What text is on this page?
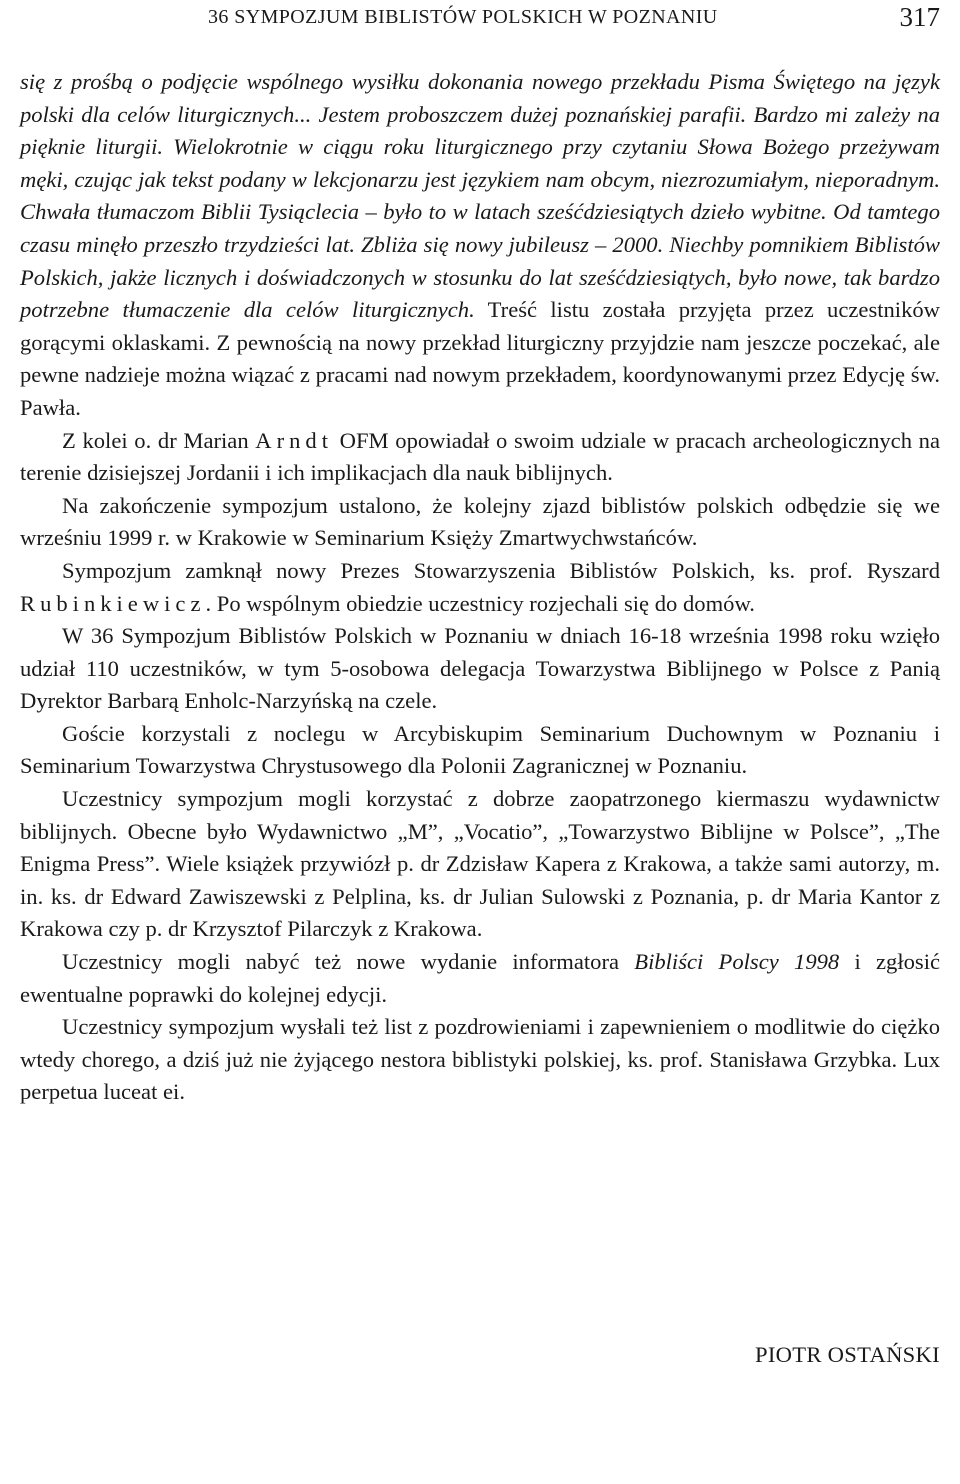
36 SYMPOZJUM BIBLISTÓW POLSKICH W POZNANIU	317

się z prośbą o podjęcie wspólnego wysiłku dokonania nowego przekładu Pisma Świętego na język polski dla celów liturgicznych... Jestem proboszczem dużej poznańskiej parafii. Bardzo mi zależy na pięknie liturgii. Wielokrotnie w ciągu roku liturgicznego przy czytaniu Słowa Bożego przeżywam męki, czując jak tekst podany w lekcjonarzu jest językiem nam obcym, niezrozumiałym, nieporadnym. Chwała tłumaczom Biblii Tysiąclecia – było to w latach sześćdziesiątych dzieło wybitne. Od tamtego czasu minęło przeszło trzydzieści lat. Zbliża się nowy jubileusz – 2000. Niechby pomnikiem Biblistów Polskich, jakże licznych i doświadczonych w stosunku do lat sześćdziesiątych, było nowe, tak bardzo potrzebne tłumaczenie dla celów liturgicznych. Treść listu została przyjęta przez uczestników gorącymi oklaskami. Z pewnością na nowy przekład liturgiczny przyjdzie nam jeszcze poczekać, ale pewne nadzieje można wiązać z pracami nad nowym przekładem, koordynowanymi przez Edycję św. Pawła.

Z kolei o. dr Marian Arndt OFM opowiadał o swoim udziale w pracach archeologicznych na terenie dzisiejszej Jordanii i ich implikacjach dla nauk biblijnych.

Na zakończenie sympozjum ustalono, że kolejny zjazd biblistów polskich odbędzie się we wrześniu 1999 r. w Krakowie w Seminarium Księży Zmartwychwstańców.

Sympozjum zamknął nowy Prezes Stowarzyszenia Biblistów Polskich, ks. prof. Ryszard Rubinkiewicz. Po wspólnym obiedzie uczestnicy rozjechali się do domów.

W 36 Sympozjum Biblistów Polskich w Poznaniu w dniach 16-18 września 1998 roku wzięło udział 110 uczestników, w tym 5-osobowa delegacja Towarzystwa Biblijnego w Polsce z Panią Dyrektor Barbarą Enholc-Narzyńską na czele.

Goście korzystali z noclegu w Arcybiskupim Seminarium Duchownym w Poznaniu i Seminarium Towarzystwa Chrystusowego dla Polonii Zagranicznej w Poznaniu.

Uczestnicy sympozjum mogli korzystać z dobrze zaopatrzonego kiermaszu wydawnictw biblijnych. Obecne było Wydawnictwo „M”, „Vocatio”, „Towarzystwo Biblijne w Polsce”, „The Enigma Press”. Wiele książek przywiózł p. dr Zdzisław Kapera z Krakowa, a także sami autorzy, m. in. ks. dr Edward Zawiszewski z Pelplina, ks. dr Julian Sulowski z Poznania, p. dr Maria Kantor z Krakowa czy p. dr Krzysztof Pilarczyk z Krakowa.

Uczestnicy mogli nabyć też nowe wydanie informatora Bibliści Polscy 1998 i zgłosić ewentualne poprawki do kolejnej edycji.

Uczestnicy sympozjum wysłali też list z pozdrowieniami i zapewnieniem o modlitwie do ciężko wtedy chorego, a dziś już nie żyjącego nestora biblistyki polskiej, ks. prof. Stanisława Grzybka. Lux perpetua luceat ei.

PIOTR OSTAŃSKI
